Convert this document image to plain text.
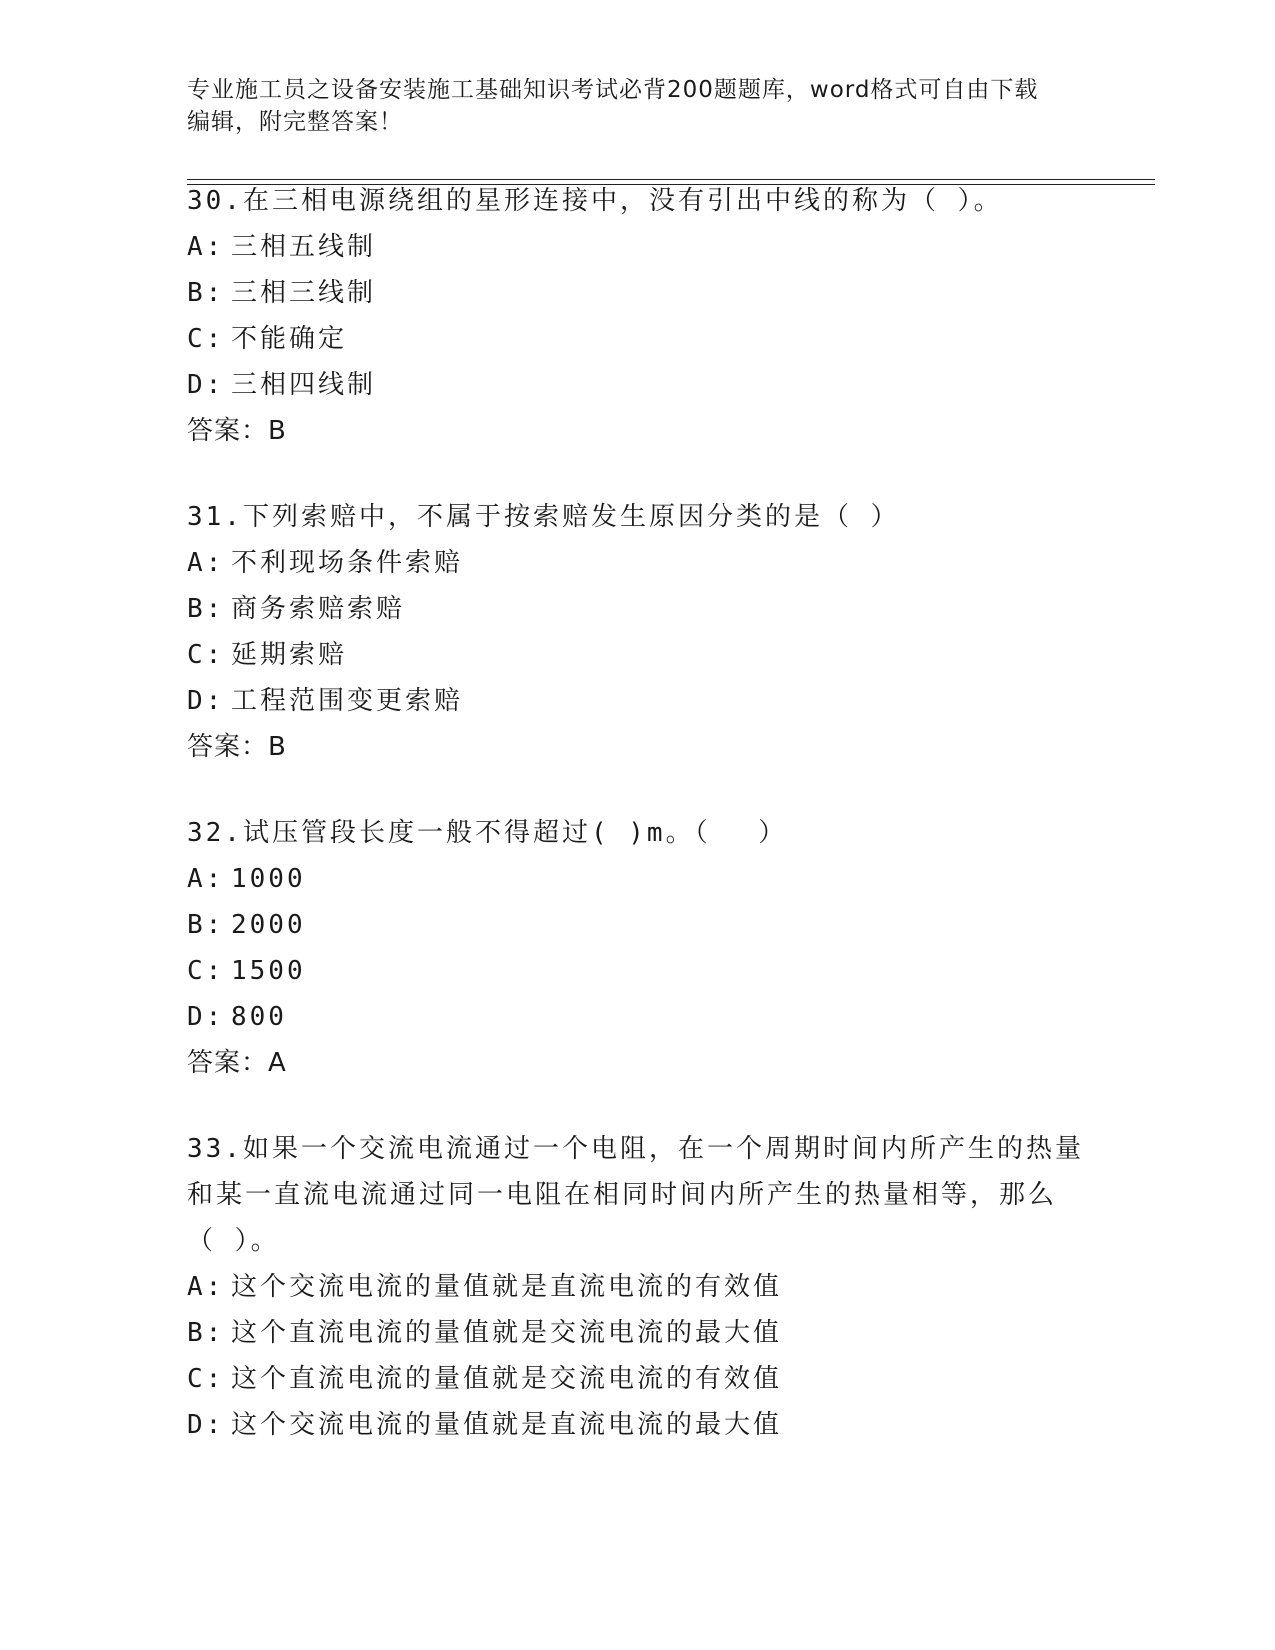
专业施工员之设备安装施工基础知识考试必背200题题库，word格式可自由下载
编辑，附完整答案！
30.在三相电源绕组的星形连接中，没有引出中线的称为（ ）。
A: 三相五线制
B: 三相三线制
C: 不能确定
D: 三相四线制
答案：B
31.下列索赔中，不属于按索赔发生原因分类的是（ ）
A: 不利现场条件索赔
B: 商务索赔索赔
C: 延期索赔
D: 工程范围变更索赔
答案：B
32.试压管段长度一般不得超过( )m。（　 ）
A: 1000
B: 2000
C: 1500
D: 800
答案：A
33.如果一个交流电流通过一个电阻，在一个周期时间内所产生的热量
和某一直流电流通过同一电阻在相同时间内所产生的热量相等，那么
（ ）。
A: 这个交流电流的量值就是直流电流的有效值
B: 这个直流电流的量值就是交流电流的最大值
C: 这个直流电流的量值就是交流电流的有效值
D: 这个交流电流的量值就是直流电流的最大值
